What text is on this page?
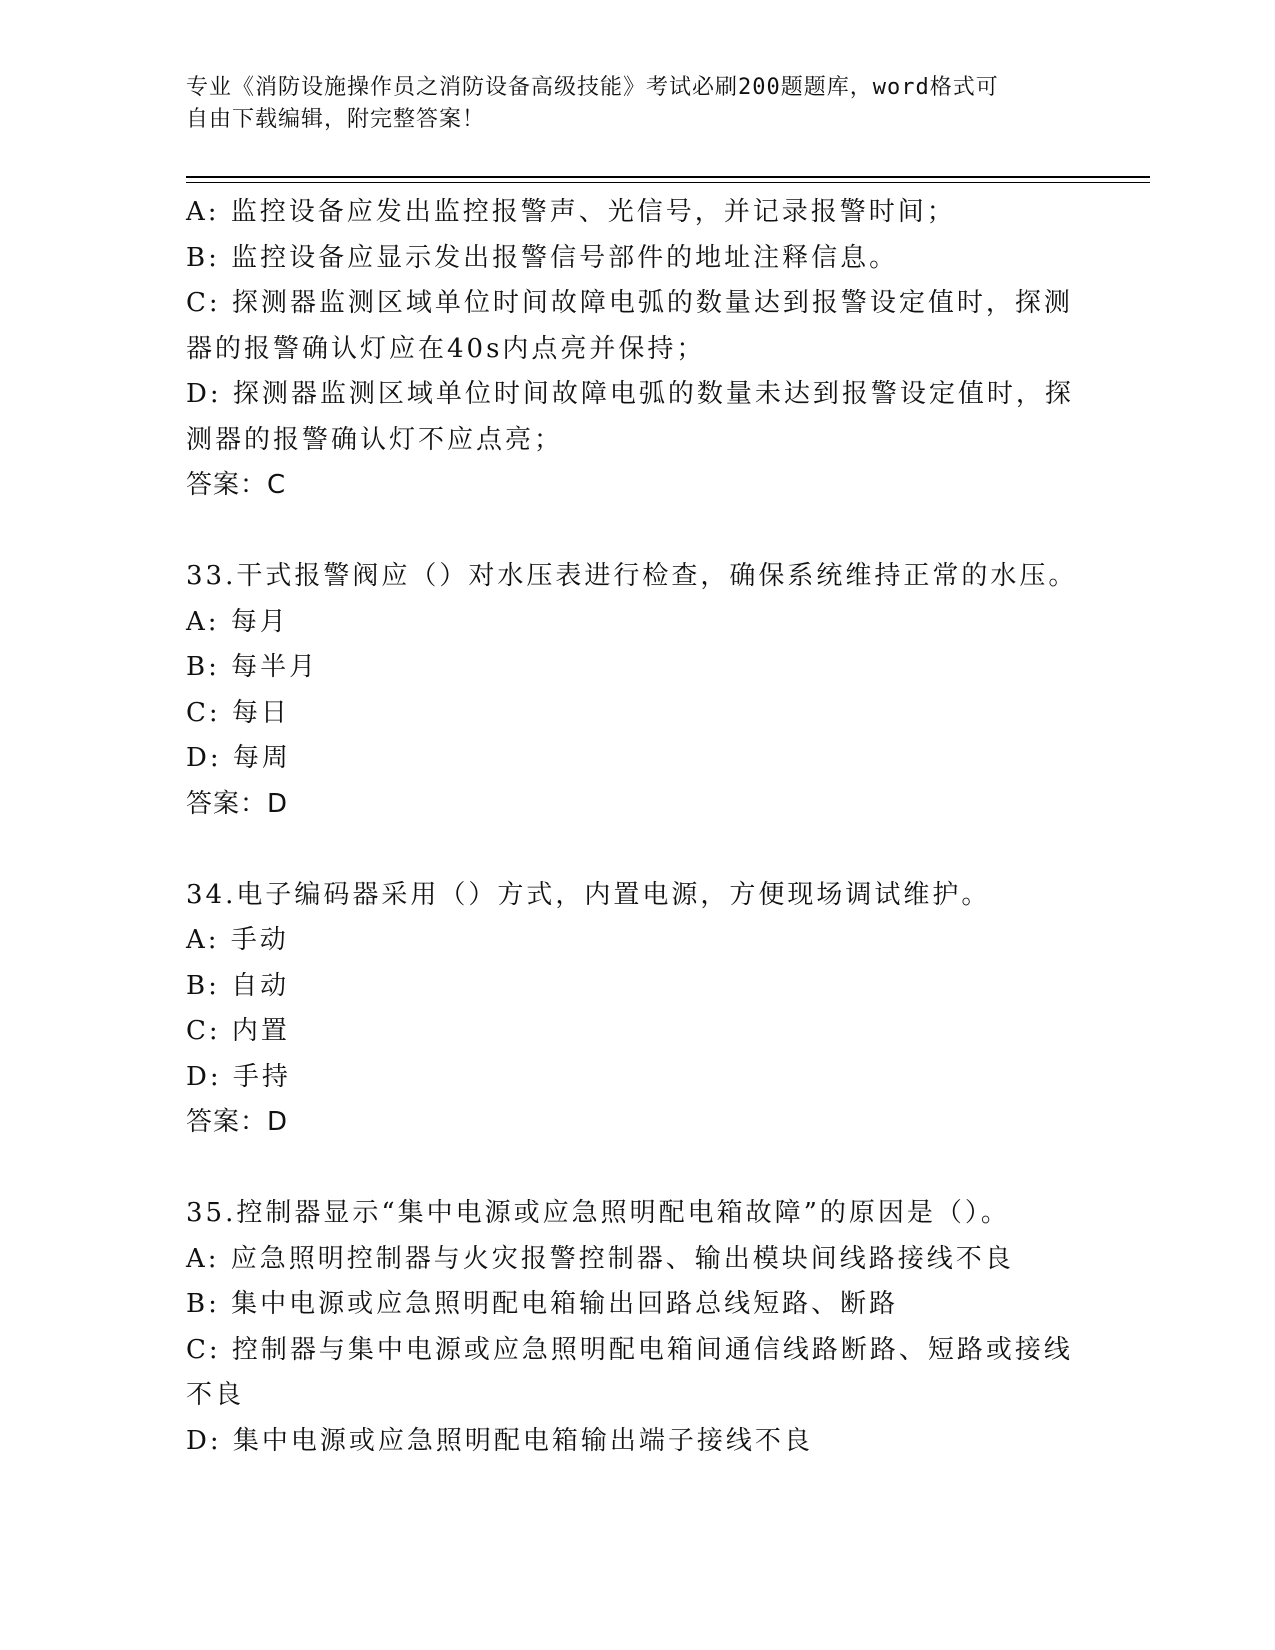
专业《消防设施操作员之消防设备高级技能》考试必刷200题题库，word格式可
自由下载编辑，附完整答案！
A: 监控设备应发出监控报警声、光信号，并记录报警时间；
B: 监控设备应显示发出报警信号部件的地址注释信息。
C: 探测器监测区域单位时间故障电弧的数量达到报警设定值时，探测
器的报警确认灯应在40s内点亮并保持；
D: 探测器监测区域单位时间故障电弧的数量未达到报警设定值时，探
测器的报警确认灯不应点亮；
答案：C
33.干式报警阀应（）对水压表进行检查，确保系统维持正常的水压。
A: 每月
B: 每半月
C: 每日
D: 每周
答案：D
34.电子编码器采用（）方式，内置电源，方便现场调试维护。
A: 手动
B: 自动
C: 内置
D: 手持
答案：D
35.控制器显示“集中电源或应急照明配电箱故障”的原因是（）。
A: 应急照明控制器与火灾报警控制器、输出模块间线路接线不良
B: 集中电源或应急照明配电箱输出回路总线短路、断路
C: 控制器与集中电源或应急照明配电箱间通信线路断路、短路或接线
不良
D: 集中电源或应急照明配电箱输出端子接线不良
